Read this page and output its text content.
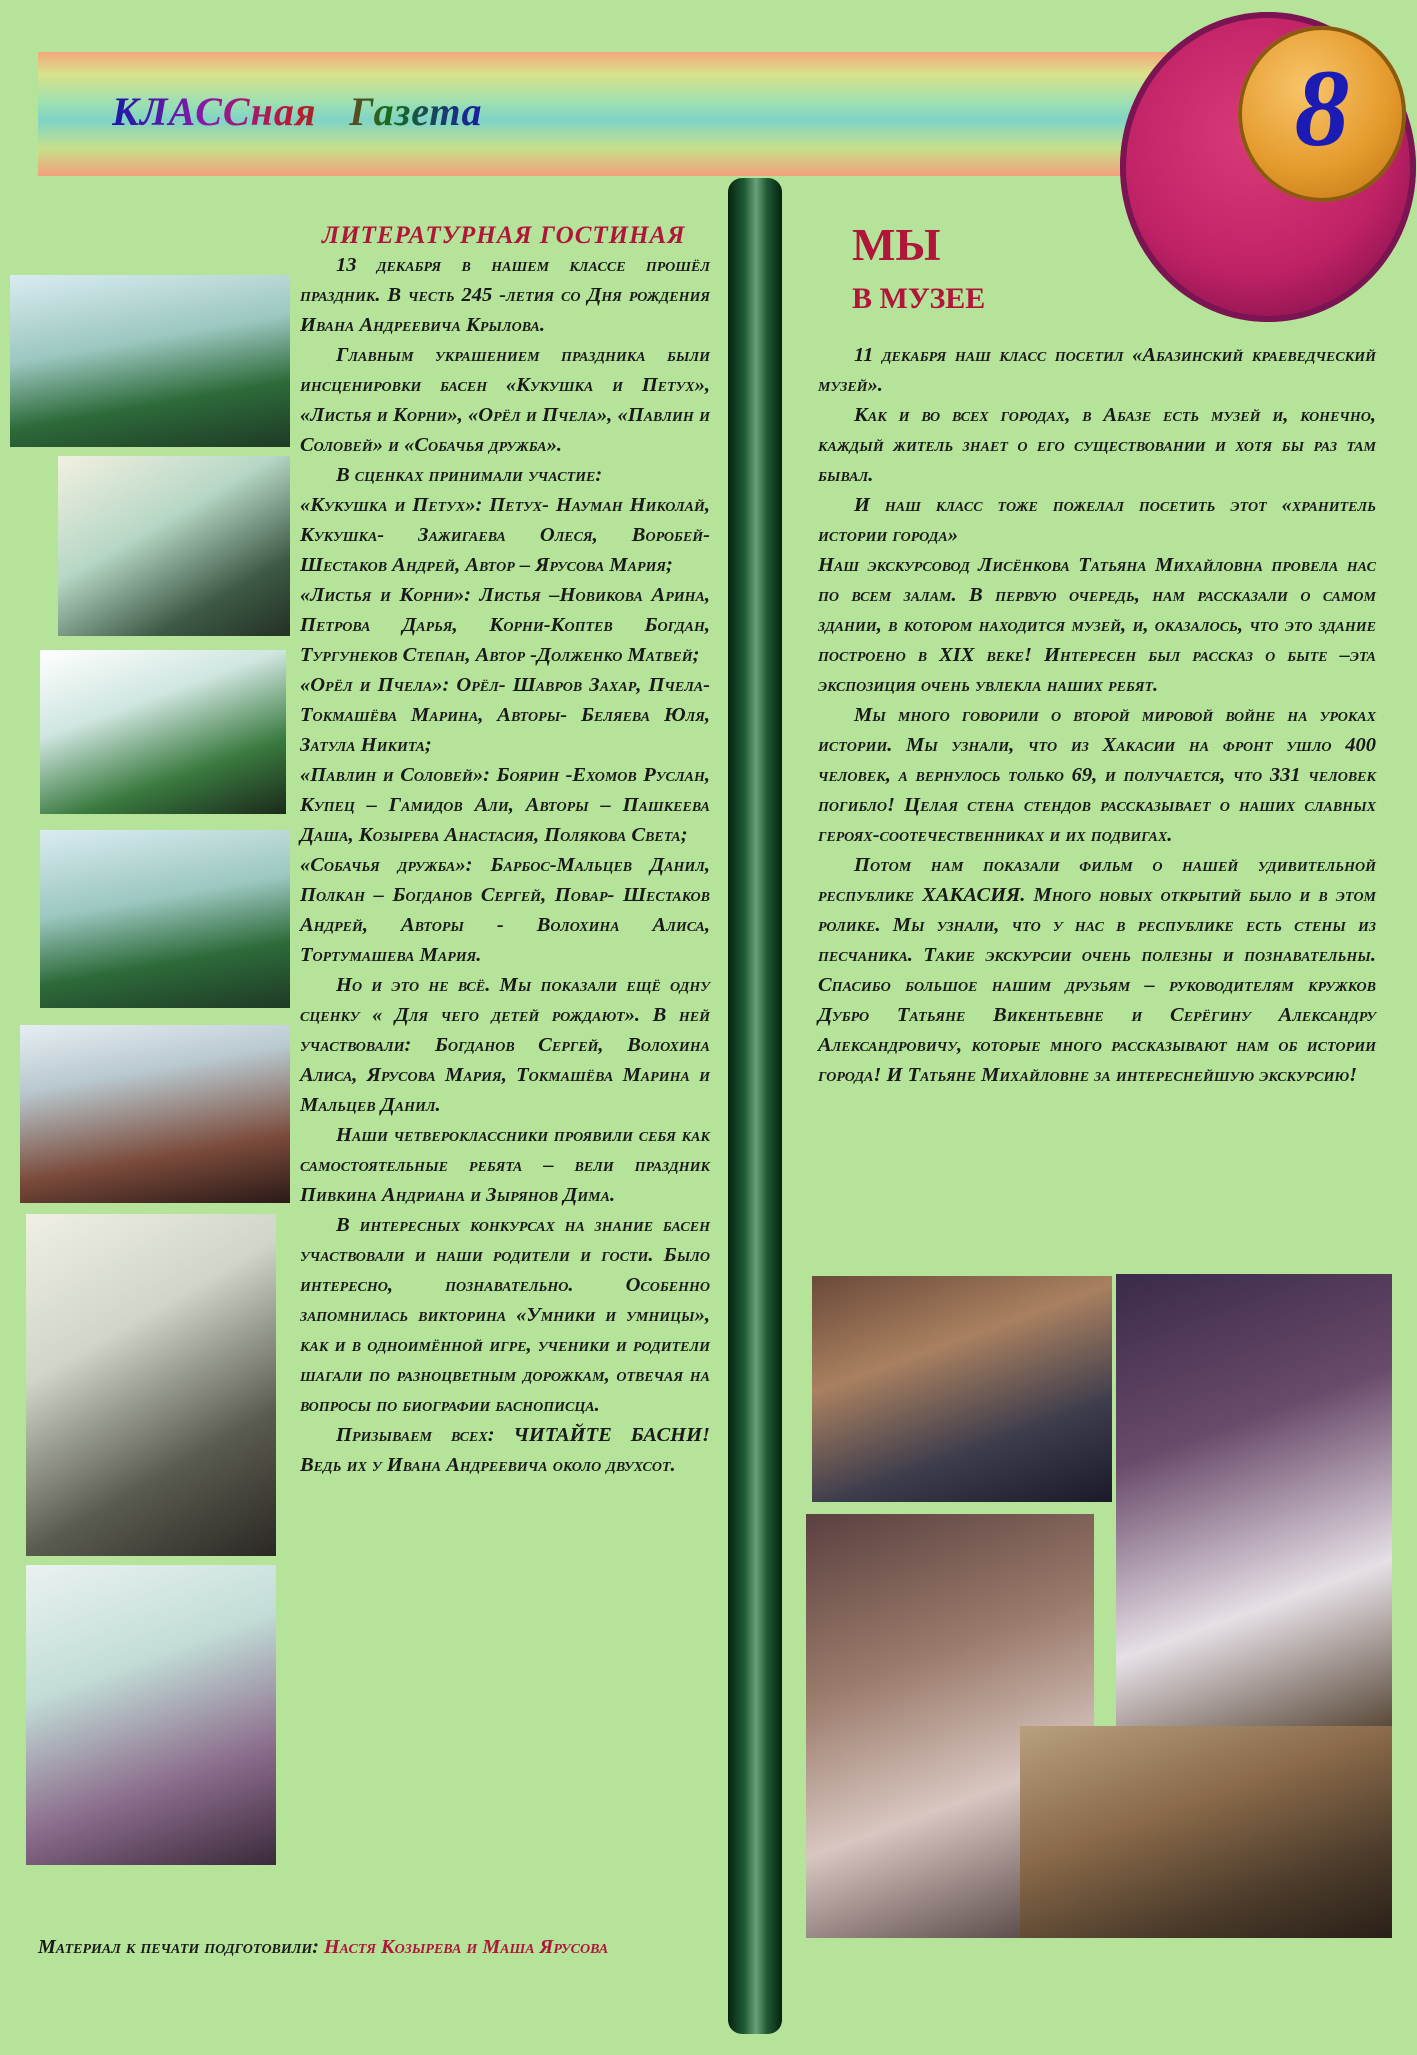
КЛАССная   Газета	8
ЛИТЕРАТУРНАЯ ГОСТИНАЯ

13 декабря в нашем классе прошёл праздник. В честь 245 -летия со Дня рождения Ивана Андреевича Крылова.

Главным украшением праздника были инсценировки басен «Кукушка и Петух», «Листья и Корни», «Орёл и Пчела», «Павлин и Соловей» и «Собачья дружба».

В сценках принимали участие:

«Кукушка и Петух»: Петух- Науман Николай, Кукушка- Зажигаева Олеся, Воробей- Шестаков Андрей, Автор – Ярусова Мария;

«Листья и Корни»: Листья –Новикова Арина, Петрова Дарья, Корни-Коптев Богдан, Тургунеков Степан, Автор -Долженко Матвей;

«Орёл и Пчела»: Орёл- Шавров Захар, Пчела-Токмашёва Марина, Авторы- Беляева Юля, Затула Никита;

«Павлин и Соловей»: Боярин -Ехомов Руслан, Купец – Гамидов Али, Авторы – Пашкеева Даша, Козырева Анастасия, Полякова Света;

«Собачья дружба»: Барбос-Мальцев Данил, Полкан – Богданов Сергей, Повар- Шестаков Андрей, Авторы - Волохина Алиса, Тортумашева Мария.

Но и это не всё. Мы показали ещё одну сценку « Для чего детей рождают». В ней участвовали: Богданов Сергей, Волохина Алиса, Ярусова Мария, Токмашёва Марина и Мальцев Данил.

Наши четвероклассники проявили себя как самостоятельные ребята – вели праздник Пивкина Андриана и Зырянов Дима.

В интересных конкурсах на знание басен участвовали и наши родители и гости. Было интересно, познавательно. Особенно запомнилась викторина «Умники и умницы», как и в одноимённой игре, ученики и родители шагали по разноцветным дорожкам, отвечая на вопросы по биографии баснописца.

Призываем всех: ЧИТАЙТЕ БАСНИ! Ведь их у Ивана Андреевича около двухсот.

МЫ
В МУЗЕЕ

11 декабря наш класс посетил «Абазинский краеведческий музей».

Как и во всех городах, в Абазе есть музей и, конечно, каждый житель знает о его существовании и хотя бы раз там бывал.

И наш класс тоже пожелал посетить этот «хранитель истории города»

Наш экскурсовод Лисёнкова Татьяна Михайловна провела нас по всем залам. В первую очередь, нам рассказали о самом здании, в котором находится музей, и, оказалось, что это здание построено в XIX веке! Интересен был рассказ о быте –эта экспозиция очень увлекла наших ребят.

Мы много говорили о второй мировой войне на уроках истории. Мы узнали, что из Хакасии на фронт ушло 400 человек, а вернулось только 69, и получается, что 331 человек погибло! Целая стена стендов рассказывает о наших славных героях-соотечественниках и их подвигах.

Потом нам показали фильм о нашей удивительной республике ХАКАСИЯ. Много новых открытий было и в этом ролике. Мы узнали, что у нас в республике есть стены из песчаника. Такие экскурсии очень полезны и познавательны. Спасибо большое нашим друзьям – руководителям кружков Дубро Татьяне Викентьевне и Серёгину Александру Александровичу, которые много рассказывают нам об истории города! И Татьяне Михайловне за интереснейшую экскурсию!

Материал к печати подготовили: Настя Козырева и Маша Ярусова
